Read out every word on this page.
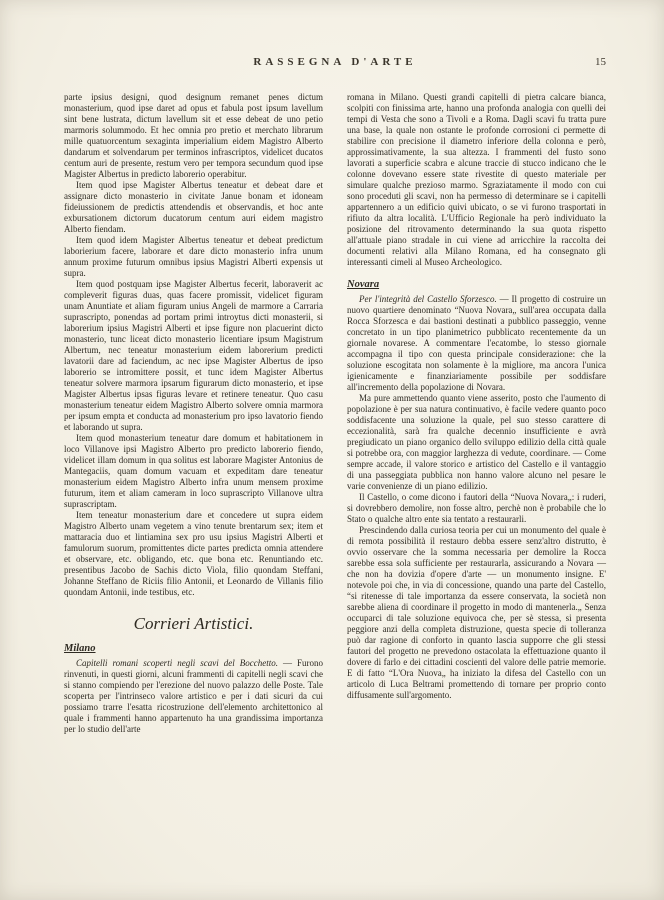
RASSEGNA D'ARTE	15

parte ipsius designi, quod designum remanet penes dictum monasterium, quod ipse daret ad opus et fabula post ipsum lavellum sint bene lustrata, dictum lavellum sit et esse debeat de uno petio marmoris solummodo. Et hec omnia pro pretio et merchato librarum mille quatuorcentum sexaginta imperialium eidem Magistro Alberto dandarum et solvendarum per terminos infrascriptos, videlicet ducatos centum auri de presente, restum vero per tempora secundum quod ipse Magister Albertus in predicto laborerio operabitur.

Item quod ipse Magister Albertus teneatur et debeat dare et assignare dicto monasterio in civitate Janue bonam et idoneam fideiussionem de predictis attendendis et observandis, et hoc ante exbursationem dictorum ducatorum centum auri eidem magistro Alberto fiendam.

Item quod idem Magister Albertus teneatur et debeat predictum laborierium facere, laborare et dare dicto monasterio infra unum annum proxime futurum omnibus ipsius Magistri Alberti expensis ut supra.

Item quod postquam ipse Magister Albertus fecerit, laboraverit ac compleverit figuras duas, quas facere promissit, videlicet figuram unam Anuntiate et aliam figuram unius Angeli de marmore a Carraria suprascripto, ponendas ad portam primi introytus dicti monasterii, si laborerium ipsius Magistri Alberti et ipse figure non placuerint dicto monasterio, tunc liceat dicto monasterio licentiare ipsum Magistrum Albertum, nec teneatur monasterium eidem laborerium predicti lavatorii dare ad faciendum, ac nec ipse Magister Albertus de ipso laborerio se intromittere possit, et tunc idem Magister Albertus teneatur solvere marmora ipsarum figurarum dicto monasterio, et ipse Magister Albertus ipsas figuras levare et retinere teneatur. Quo casu monasterium teneatur eidem Magistro Alberto solvere omnia marmora per ipsum empta et conducta ad monasterium pro ipso lavatorio fiendo et laborando ut supra.

Item quod monasterium teneatur dare domum et habitationem in loco Villanove ipsi Magistro Alberto pro predicto laborerio fiendo, videlicet illam domum in qua solitus est laborare Magister Antonius de Mantegaciis, quam domum vacuam et expeditam dare teneatur monasterium eidem Magistro Alberto infra unum mensem proxime futurum, item et aliam cameram in loco suprascripto Villanove ultra suprascriptam.

Item teneatur monasterium dare et concedere ut supra eidem Magistro Alberto unam vegetem a vino tenute brentarum sex; item et mattaracia duo et lintiamina sex pro usu ipsius Magistri Alberti et famulorum suorum, promittentes dicte partes predicta omnia attendere et observare, etc. obligando, etc. que bona etc. Renuntiando etc. presentibus Jacobo de Sachis dicto Viola, filio quondam Steffani, Johanne Steffano de Riciis filio Antonii, et Leonardo de Villanis filio quondam Antonii, inde testibus, etc.

Corrieri Artistici.
Milano

Capitelli romani scoperti negli scavi del Bocchetto. — Furono rinvenuti, in questi giorni, alcuni frammenti di capitelli negli scavi che si stanno compiendo per l'erezione del nuovo palazzo delle Poste. Tale scoperta per l'intrinseco valore artistico e per i dati sicuri da cui possiamo trarre l'esatta ricostruzione dell'elemento architettonico al quale i frammenti hanno appartenuto ha una grandissima importanza per lo studio dell'arte

romana in Milano. Questi grandi capitelli di pietra calcare bianca, scolpiti con finissima arte, hanno una profonda analogia con quelli dei tempi di Vesta che sono a Tivoli e a Roma. Dagli scavi fu tratta pure una base, la quale non ostante le profonde corrosioni ci permette di stabilire con precisione il diametro inferiore della colonna e però, approssimativamente, la sua altezza. I frammenti del fusto sono lavorati a superficie scabra e alcune traccie di stucco indicano che le colonne dovevano essere state rivestite di questo materiale per simulare qualche prezioso marmo. Sgraziatamente il modo con cui sono proceduti gli scavi, non ha permesso di determinare se i capitelli appartennero a un edificio quivi ubicato, o se vi furono trasportati in rifiuto da altra località. L'Ufficio Regionale ha però individuato la posizione del ritrovamento determinando la sua quota rispetto all'attuale piano stradale in cui viene ad arricchire la raccolta dei documenti relativi alla Milano Romana, ed ha consegnato gli interessanti cimeli al Museo Archeologico.

Novara

Per l'integrità del Castello Sforzesco. — Il progetto di costruire un nuovo quartiere denominato “Nuova Novara„ sull'area occupata dalla Rocca Sforzesca e dai bastioni destinati a pubblico passeggio, venne concretato in un tipo planimetrico pubblicato recentemente da un giornale novarese. A commentare l'ecatombe, lo stesso giornale accompagna il tipo con questa principale considerazione: che la soluzione escogitata non solamente è la migliore, ma ancora l'unica igienicamente e finanziariamente possibile per soddisfare all'incremento della popolazione di Novara.

Ma pure ammettendo quanto viene asserito, posto che l'aumento di popolazione è per sua natura continuativo, è facile vedere quanto poco soddisfacente una soluzione la quale, pel suo stesso carattere di eccezionalità, sarà fra qualche decennio insufficiente e avrà pregiudicato un piano organico dello sviluppo edilizio della città quale si potrebbe ora, con maggior larghezza di vedute, coordinare. — Come sempre accade, il valore storico e artistico del Castello e il vantaggio di una passeggiata pubblica non hanno valore alcuno nel pesare le varie convenienze di un piano edilizio.

Il Castello, o come dicono i fautori della “Nuova Novara„: i ruderi, si dovrebbero demolire, non fosse altro, perchè non è probabile che lo Stato o qualche altro ente sia tentato a restaurarli.

Prescindendo dalla curiosa teoria per cui un monumento del quale è di remota possibilità il restauro debba essere senz'altro distrutto, è ovvio osservare che la somma necessaria per demolire la Rocca sarebbe essa sola sufficiente per restaurarla, assicurando a Novara — che non ha dovizia d'opere d'arte — un monumento insigne. E' notevole poi che, in via di concessione, quando una parte del Castello, “si ritenesse di tale importanza da essere conservata, la società non sarebbe aliena di coordinare il progetto in modo di mantenerla.„ Senza occuparci di tale soluzione equivoca che, per sè stessa, si presenta peggiore anzi della completa distruzione, questa specie di tolleranza può dar ragione di conforto in quanto lascia supporre che gli stessi fautori del progetto ne prevedono ostacolata la effettuazione quanto il dovere di farlo e dei cittadini coscienti del valore delle patrie memorie. E di fatto “L'Ora Nuova„ ha iniziato la difesa del Castello con un articolo di Luca Beltrami promettendo di tornare per proprio conto diffusamente sull'argomento.
